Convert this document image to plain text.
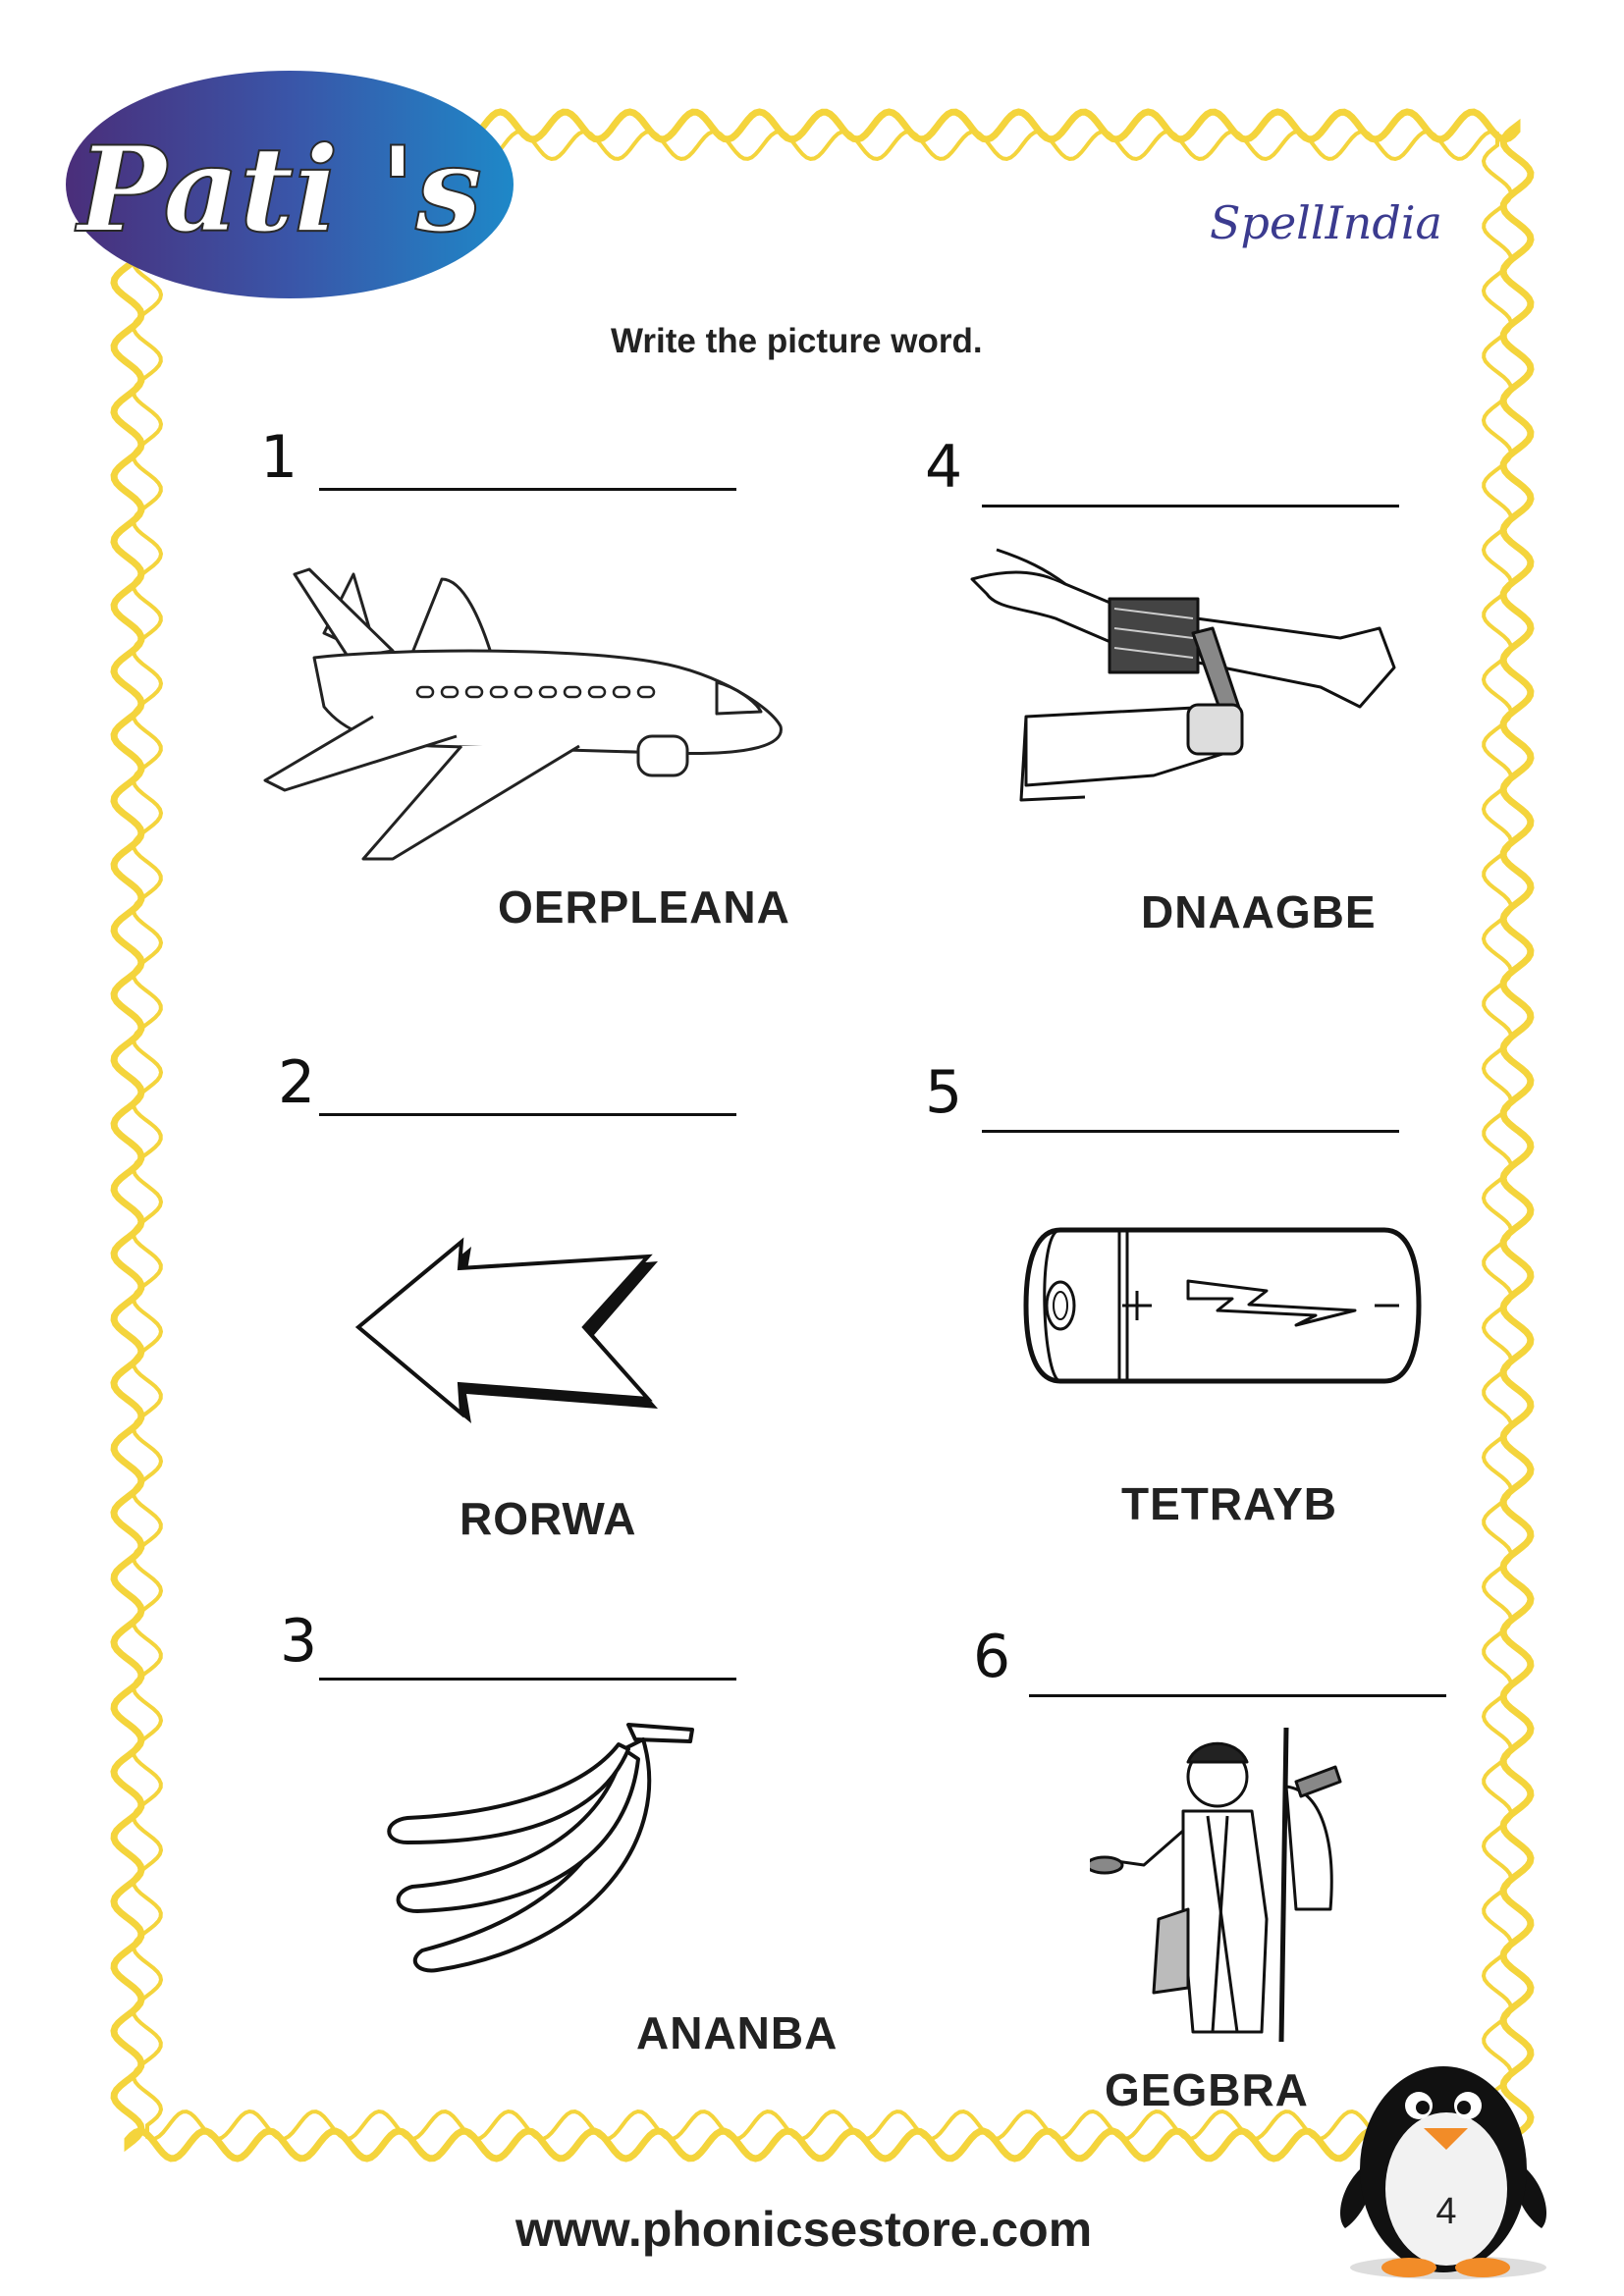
Pati 's	SpellIndia
Write the picture word.
1
OERPLEANA
2
RORWA
3
ANANBA
4
DNAAGBE
5
TETRAYB
6
GEGBRA
www.phonicsestore.com	4
